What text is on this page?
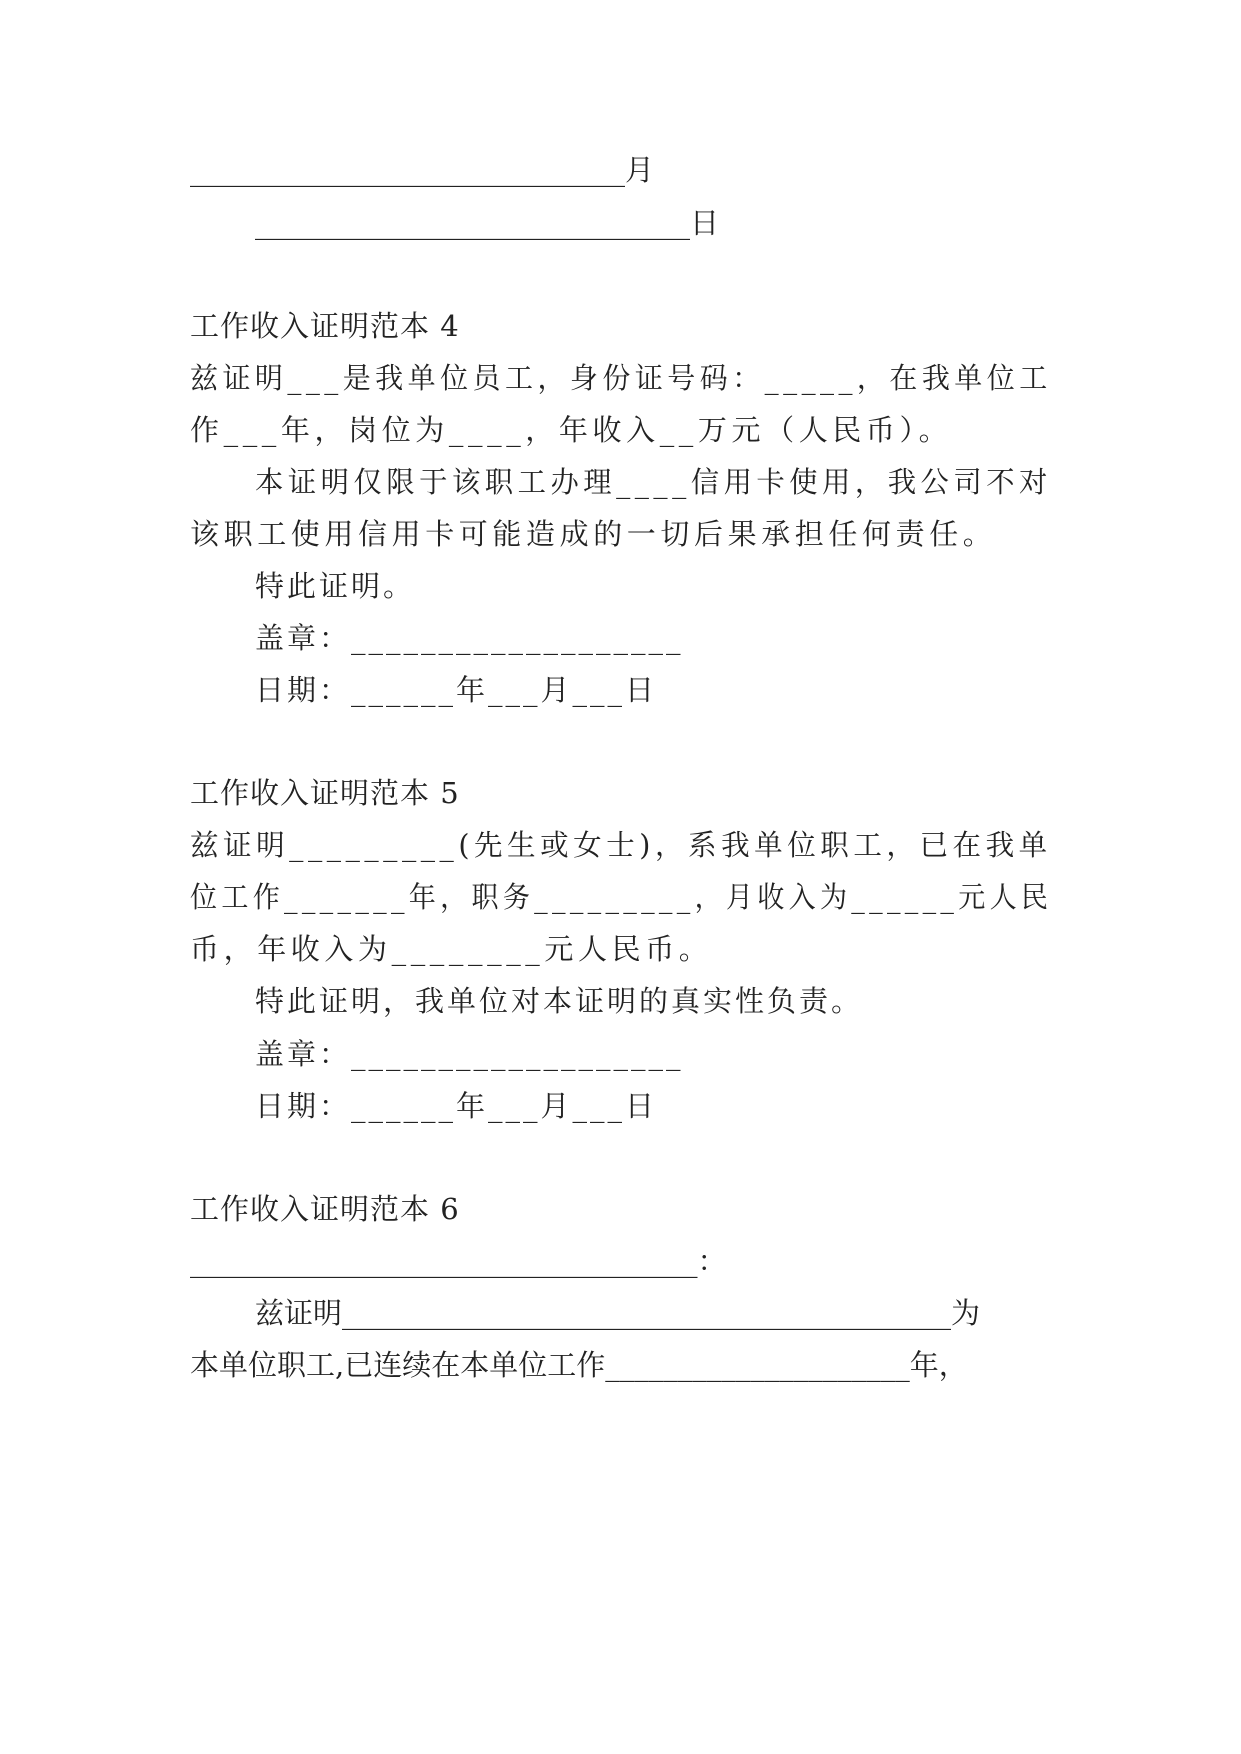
______________________________月
______________________________日
工作收入证明范本 4
兹证明___是我单位员工，身份证号码：_____，在我单位工
作___年，岗位为____，年收入__万元（人民币）。
本证明仅限于该职工办理____信用卡使用，我公司不对
该职工使用信用卡可能造成的一切后果承担任何责任。
特此证明。
盖章：___________________
日期：______年___月___日
工作收入证明范本 5
兹证明_________(先生或女士)，系我单位职工，已在我单
位工作_______年，职务_________，月收入为______元人民
币，年收入为________元人民币。
特此证明，我单位对本证明的真实性负责。
盖章：___________________
日期：______年___月___日
工作收入证明范本 6
___________________________________：
兹证明__________________________________________为
本单位职工,已连续在本单位工作_____________________年，
